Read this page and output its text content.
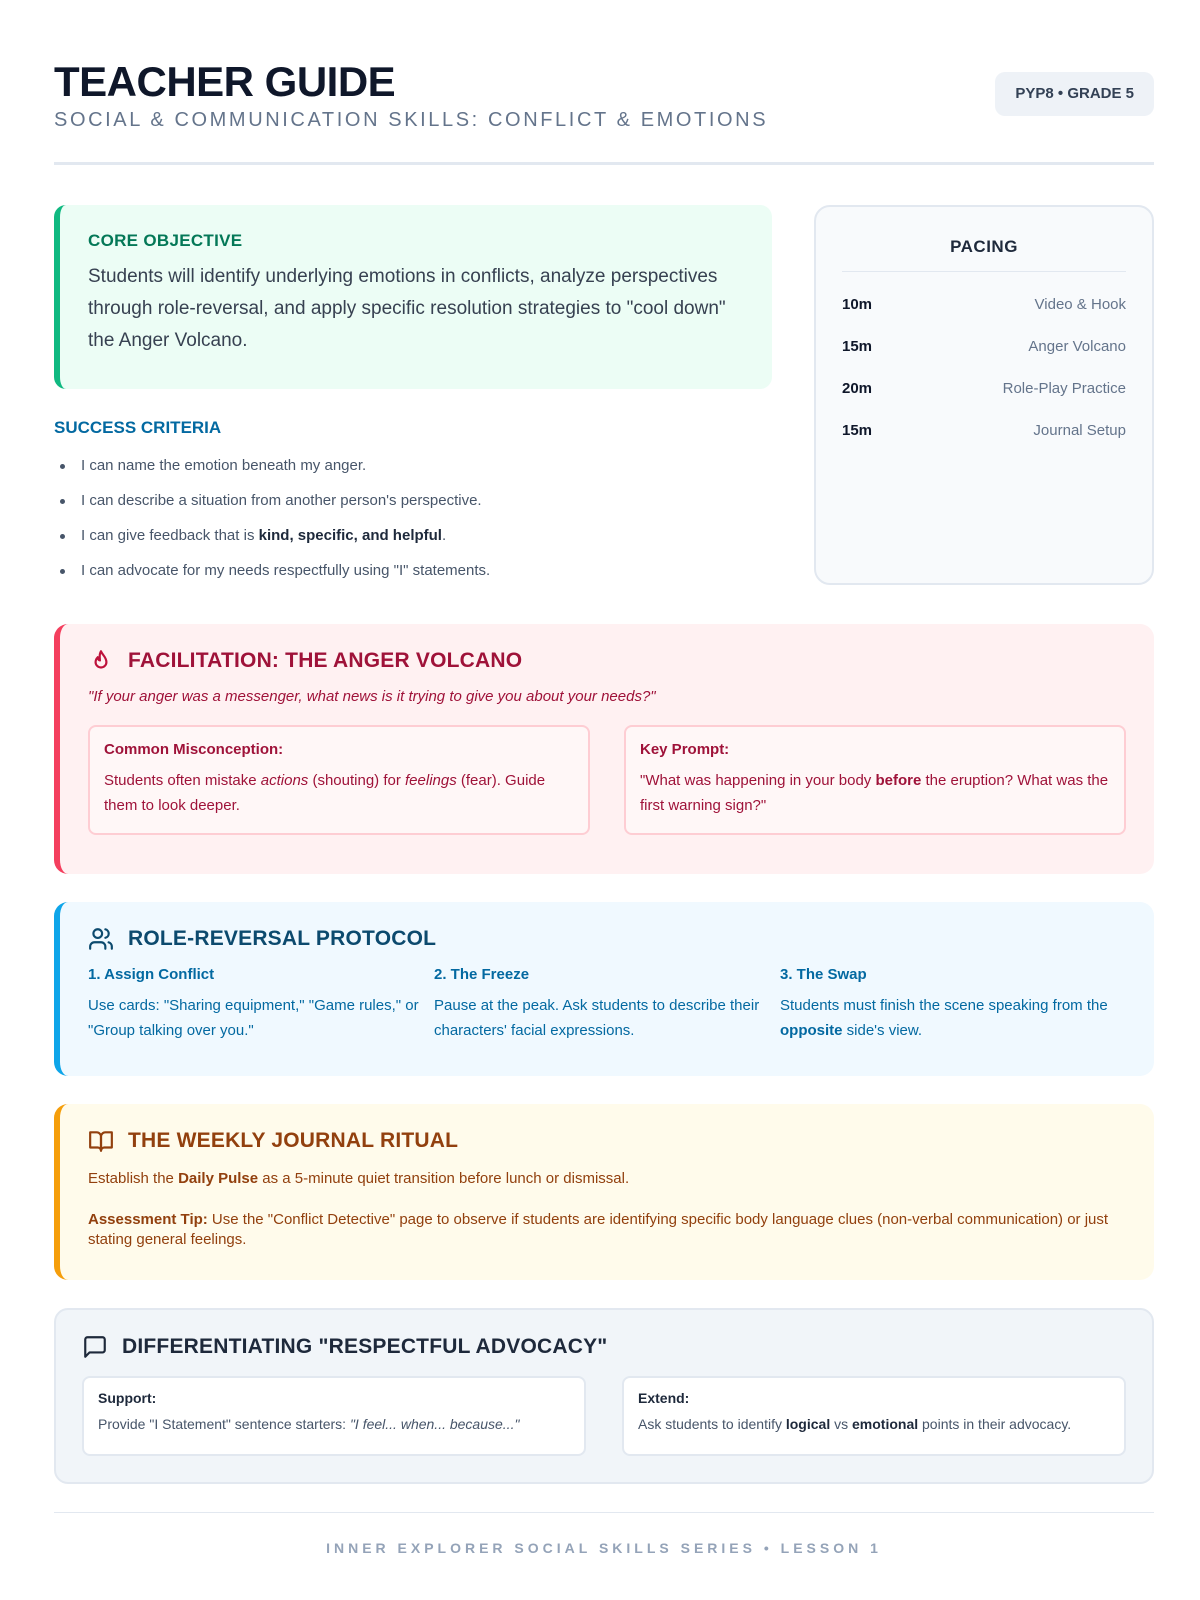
TEACHER GUIDE
SOCIAL & COMMUNICATION SKILLS: CONFLICT & EMOTIONS
PYP8 • GRADE 5
CORE OBJECTIVE
Students will identify underlying emotions in conflicts, analyze perspectives through role-reversal, and apply specific resolution strategies to "cool down" the Anger Volcano.
SUCCESS CRITERIA
I can name the emotion beneath my anger.
I can describe a situation from another person's perspective.
I can give feedback that is kind, specific, and helpful.
I can advocate for my needs respectfully using "I" statements.
PACING
10m	Video & Hook
15m	Anger Volcano
20m	Role-Play Practice
15m	Journal Setup
FACILITATION: THE ANGER VOLCANO
"If your anger was a messenger, what news is it trying to give you about your needs?"
Common Misconception:
Students often mistake actions (shouting) for feelings (fear). Guide them to look deeper.
Key Prompt:
"What was happening in your body before the eruption? What was the first warning sign?"
ROLE-REVERSAL PROTOCOL
1. Assign Conflict
Use cards: "Sharing equipment," "Game rules," or "Group talking over you."
2. The Freeze
Pause at the peak. Ask students to describe their characters' facial expressions.
3. The Swap
Students must finish the scene speaking from the opposite side's view.
THE WEEKLY JOURNAL RITUAL
Establish the Daily Pulse as a 5-minute quiet transition before lunch or dismissal.
Assessment Tip: Use the "Conflict Detective" page to observe if students are identifying specific body language clues (non-verbal communication) or just stating general feelings.
DIFFERENTIATING "RESPECTFUL ADVOCACY"
Support:
Provide "I Statement" sentence starters: "I feel... when... because..."
Extend:
Ask students to identify logical vs emotional points in their advocacy.
INNER EXPLORER SOCIAL SKILLS SERIES • LESSON 1
